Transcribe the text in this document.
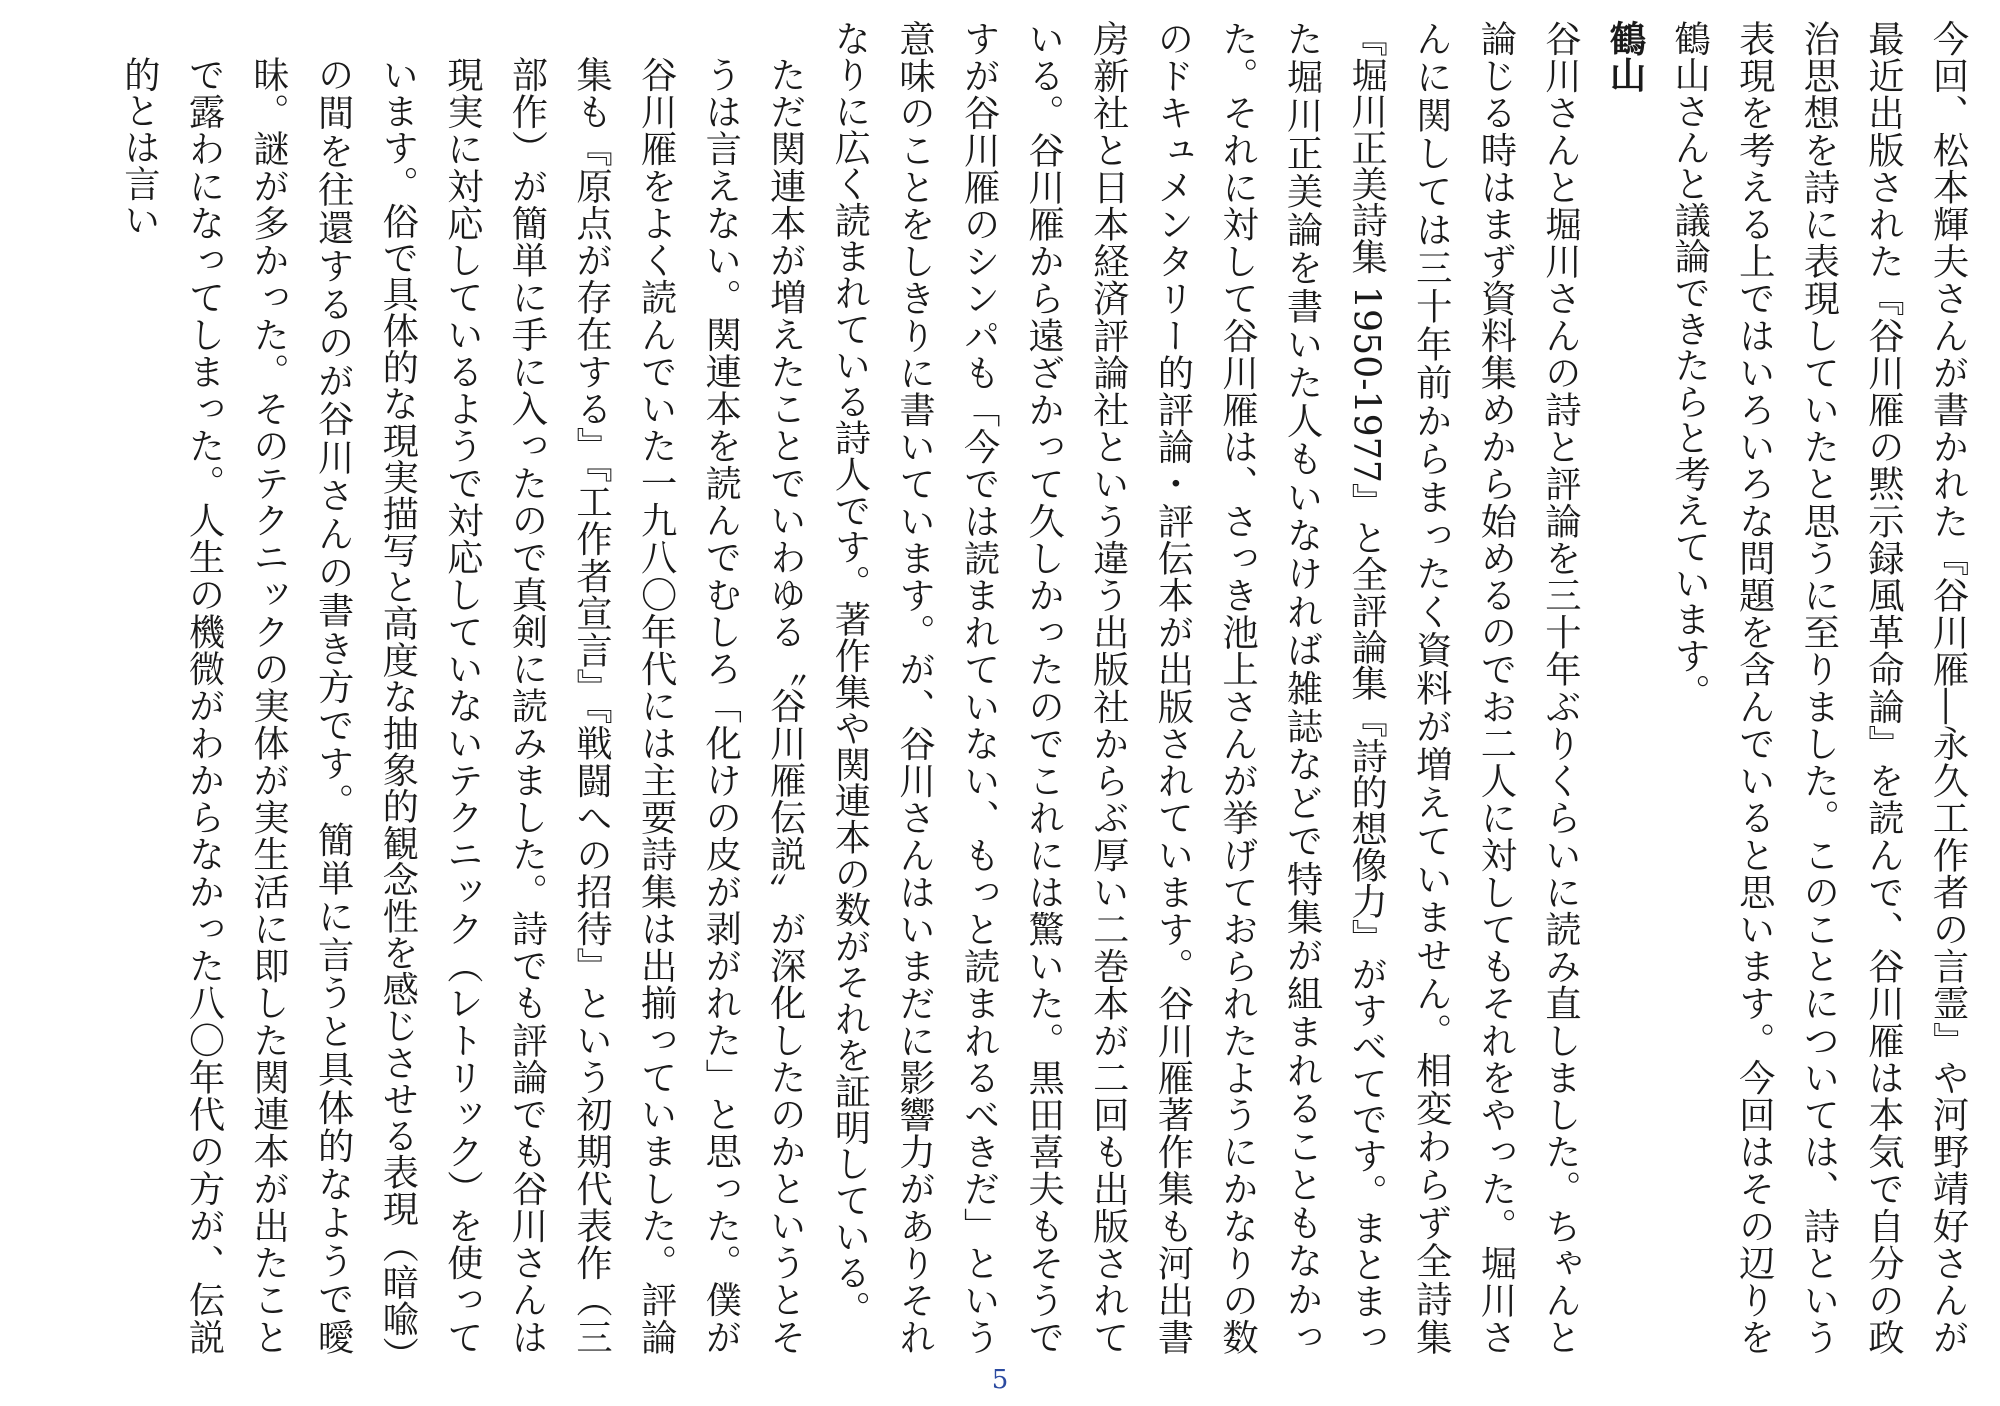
今回、松本輝夫さんが書かれた『谷川雁―永久工作者の言霊』や河野靖好さんが最近出版された『谷川雁の黙示録風革命論』を読んで、谷川雁は本気で自分の政治思想を詩に表現していたと思うに至りました。このことについては、詩という表現を考える上ではいろいろな問題を含んでいると思います。今回はその辺りを鶴山さんと議論できたらと考えています。

鶴山

谷川さんと堀川さんの詩と評論を三十年ぶりくらいに読み直しました。ちゃんと論じる時はまず資料集めから始めるのでお二人に対してもそれをやった。堀川さんに関しては三十年前からまったく資料が増えていません。相変わらず全詩集『堀川正美詩集 1950-1977』と全評論集『詩的想像力』がすべてです。まとまった堀川正美論を書いた人もいなければ雑誌などで特集が組まれることもなかった。それに対して谷川雁は、さっき池上さんが挙げておられたようにかなりの数のドキュメンタリー的評論・評伝本が出版されています。谷川雁著作集も河出書房新社と日本経済評論社という違う出版社からぶ厚い二巻本が二回も出版されている。谷川雁から遠ざかって久しかったのでこれには驚いた。黒田喜夫もそうですが谷川雁のシンパも「今では読まれていない、もっと読まれるべきだ」という意味のことをしきりに書いています。が、谷川さんはいまだに影響力がありそれなりに広く読まれている詩人です。著作集や関連本の数がそれを証明している。

ただ関連本が増えたことでいわゆる〝谷川雁伝説〟が深化したのかというとそうは言えない。関連本を読んでむしろ「化けの皮が剥がれた」と思った。僕が谷川雁をよく読んでいた一九八〇年代には主要詩集は出揃っていました。評論集も『原点が存在する』『工作者宣言』『戦闘への招待』という初期代表作（三部作）が簡単に手に入ったので真剣に読みました。詩でも評論でも谷川さんは現実に対応しているようで対応していないテクニック（レトリック）を使っています。俗で具体的な現実描写と高度な抽象的観念性を感じさせる表現（暗喩）の間を往還するのが谷川さんの書き方です。簡単に言うと具体的なようで曖昧。謎が多かった。そのテクニックの実体が実生活に即した関連本が出たことで露わになってしまった。人生の機微がわからなかった八〇年代の方が、伝説的とは言い

5
